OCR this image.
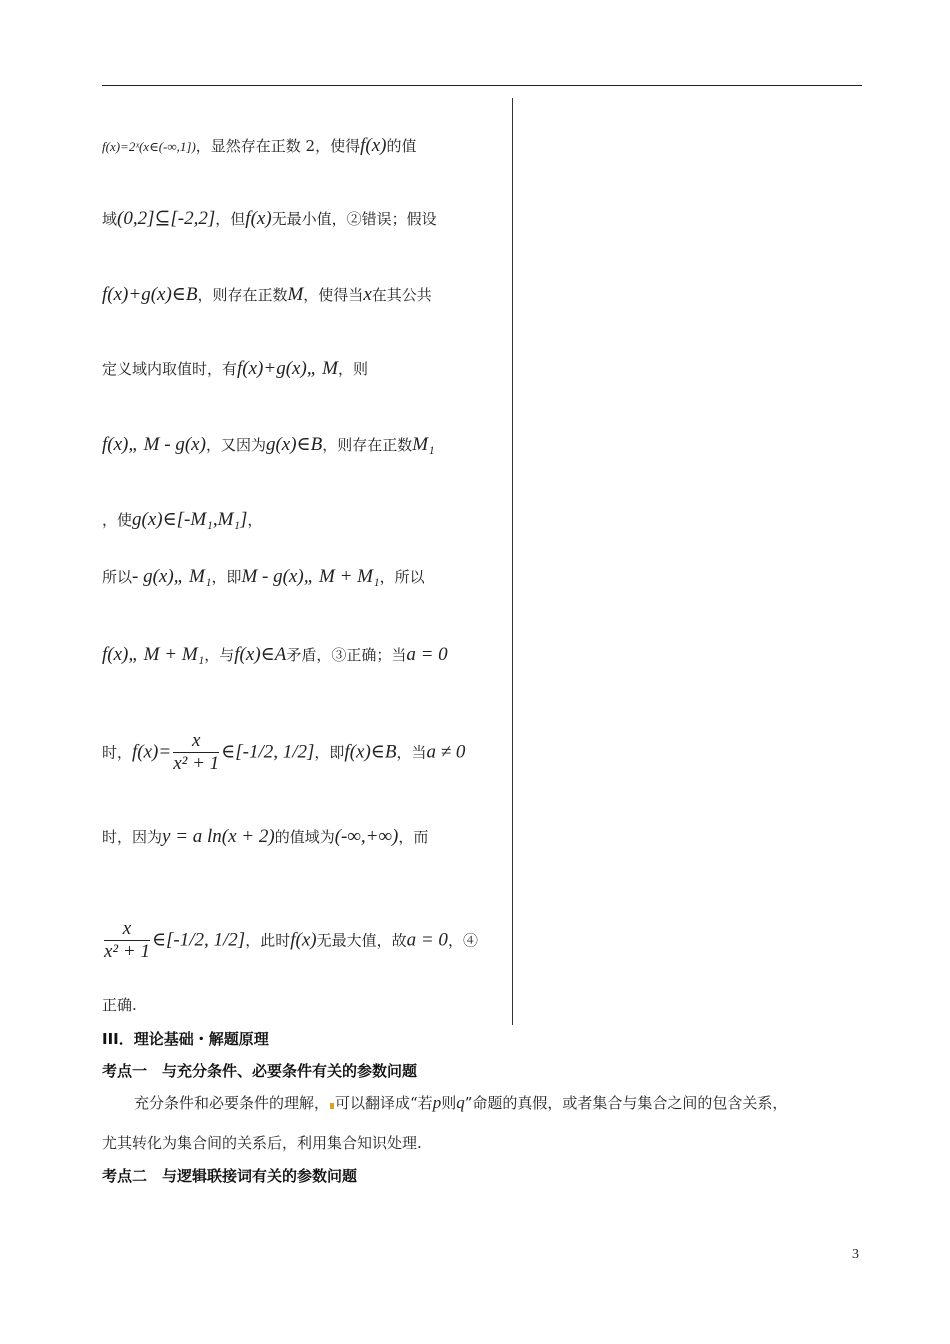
f(x)=2ˣ(x∈(-∞,1])，显然存在正数 2，使得f(x)的值
域(0,2]⊆[-2,2]，但f(x)无最小值，②错误；假设
f(x)+g(x)∈B，则存在正数M，使得当x在其公共
定义域内取值时，有f(x)+g(x)„ M，则
f(x)„ M - g(x)，又因为g(x)∈B，则存在正数M₁
，使g(x)∈[-M₁,M₁]，
所以- g(x)„ M₁，即M - g(x)„ M + M₁，所以
f(x)„ M + M₁，与f(x)∈A矛盾，③正确；当a = 0
时，$f(x)= \frac{x}{\text{x² + 1}}$ ∈[-1/2, 1/2]，即f(x)∈B，当a ≠ 0
时，因为y = a ln(x + 2)的值域为(-∞,+∞)，而
$\frac{x}{\text{x² + 1}}$ ∈[-1/2, 1/2]，此时f(x)无最大值，故a = 0，④
正确.
III．理论基础・解题原理
考点一　与充分条件、必要条件有关的参数问题
充分条件和必要条件的理解， 可以翻译成“若p则q”命题的真假，或者集合与集合之间的包含关系，
尤其转化为集合间的关系后，利用集合知识处理.
考点二　与逻辑联接词有关的参数问题
3
